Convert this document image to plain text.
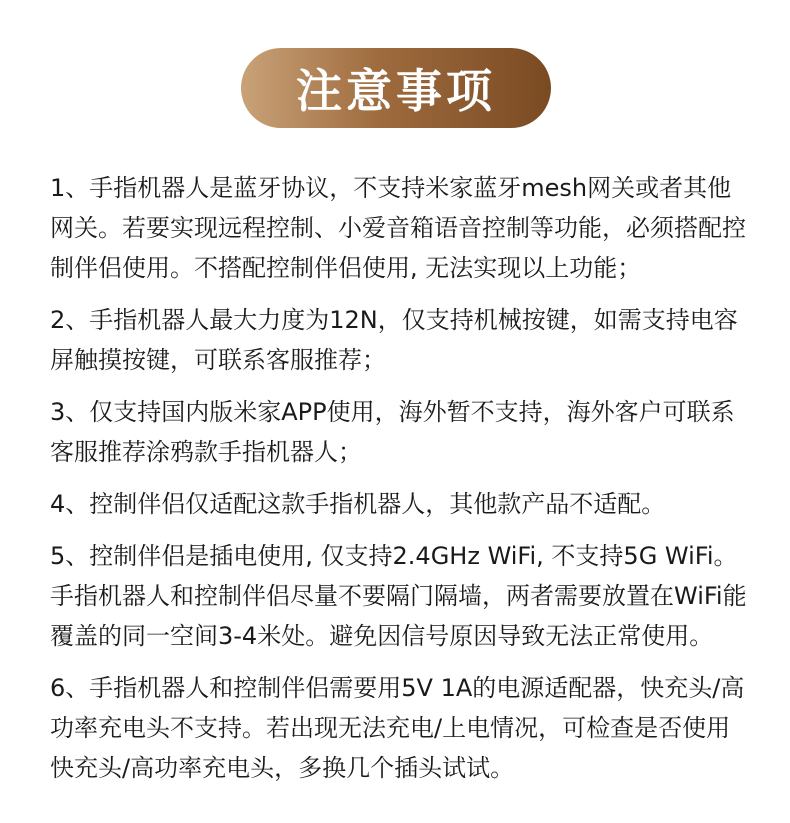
注意事项

1、手指机器人是蓝牙协议，不支持米家蓝牙mesh网关或者其他网关。若要实现远程控制、小爱音箱语音控制等功能，必须搭配控制伴侣使用。不搭配控制伴侣使用, 无法实现以上功能；

2、手指机器人最大力度为12N，仅支持机械按键，如需支持电容屏触摸按键，可联系客服推荐；

3、仅支持国内版米家APP使用，海外暂不支持，海外客户可联系客服推荐涂鸦款手指机器人；

4、控制伴侣仅适配这款手指机器人，其他款产品不适配。

5、控制伴侣是插电使用, 仅支持2.4GHz WiFi, 不支持5G WiFi。手指机器人和控制伴侣尽量不要隔门隔墙，两者需要放置在WiFi能覆盖的同一空间3-4米处。避免因信号原因导致无法正常使用。

6、手指机器人和控制伴侣需要用5V 1A的电源适配器，快充头/高功率充电头不支持。若出现无法充电/上电情况，可检查是否使用快充头/高功率充电头，多换几个插头试试。
